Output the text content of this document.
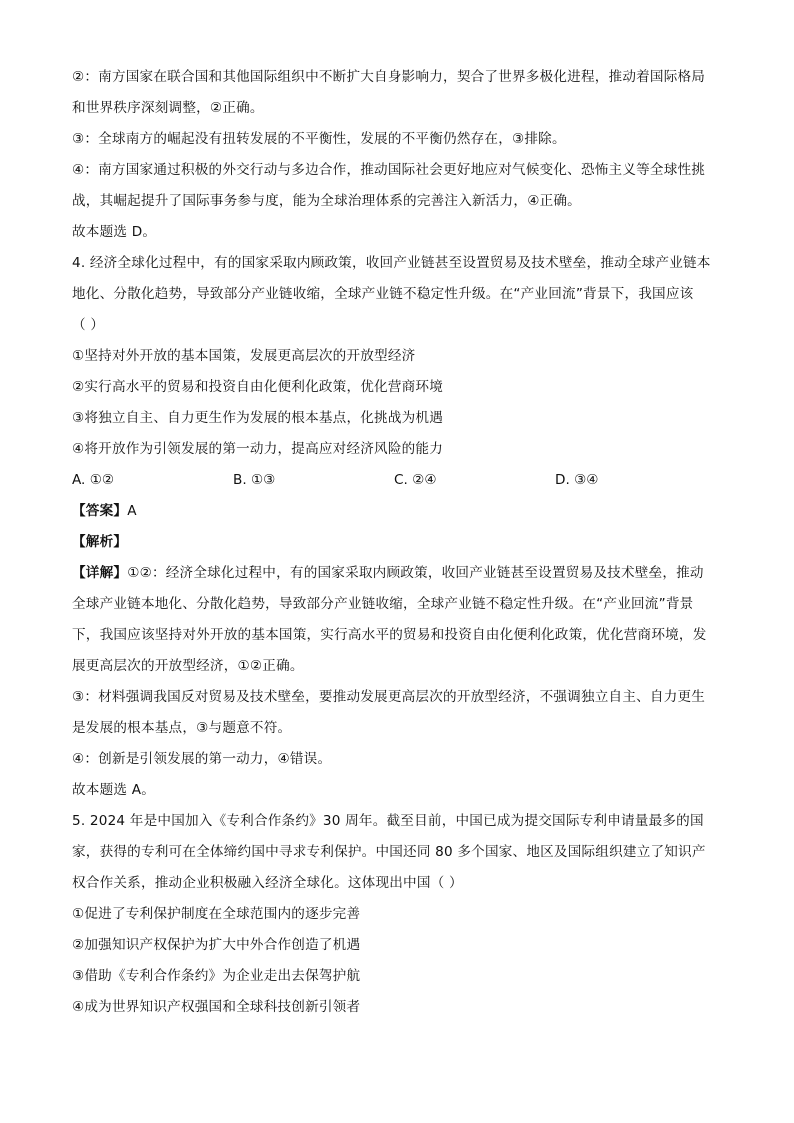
②：南方国家在联合国和其他国际组织中不断扩大自身影响力，契合了世界多极化进程，推动着国际格局
和世界秩序深刻调整，②正确。
③：全球南方的崛起没有扭转发展的不平衡性，发展的不平衡仍然存在，③排除。
④：南方国家通过积极的外交行动与多边合作，推动国际社会更好地应对气候变化、恐怖主义等全球性挑
战，其崛起提升了国际事务参与度，能为全球治理体系的完善注入新活力，④正确。
故本题选 D。
4. 经济全球化过程中，有的国家采取内顾政策，收回产业链甚至设置贸易及技术壁垒，推动全球产业链本
地化、分散化趋势，导致部分产业链收缩，全球产业链不稳定性升级。在“产业回流”背景下，我国应该
（ ）
①坚持对外开放的基本国策，发展更高层次的开放型经济
②实行高水平的贸易和投资自由化便利化政策，优化营商环境
③将独立自主、自力更生作为发展的根本基点，化挑战为机遇
④将开放作为引领发展的第一动力，提高应对经济风险的能力
A. ①②	B. ①③	C. ②④	D. ③④
【答案】A
【解析】
【详解】①②：经济全球化过程中，有的国家采取内顾政策，收回产业链甚至设置贸易及技术壁垒，推动
全球产业链本地化、分散化趋势，导致部分产业链收缩，全球产业链不稳定性升级。在“产业回流”背景
下，我国应该坚持对外开放的基本国策，实行高水平的贸易和投资自由化便利化政策，优化营商环境，发
展更高层次的开放型经济，①②正确。
③：材料强调我国反对贸易及技术壁垒，要推动发展更高层次的开放型经济，不强调独立自主、自力更生
是发展的根本基点，③与题意不符。
④：创新是引领发展的第一动力，④错误。
故本题选 A。
5. 2024 年是中国加入《专利合作条约》30 周年。截至目前，中国已成为提交国际专利申请量最多的国
家，获得的专利可在全体缔约国中寻求专利保护。中国还同 80 多个国家、地区及国际组织建立了知识产
权合作关系，推动企业积极融入经济全球化。这体现出中国（ ）
①促进了专利保护制度在全球范围内的逐步完善
②加强知识产权保护为扩大中外合作创造了机遇
③借助《专利合作条约》为企业走出去保驾护航
④成为世界知识产权强国和全球科技创新引领者
